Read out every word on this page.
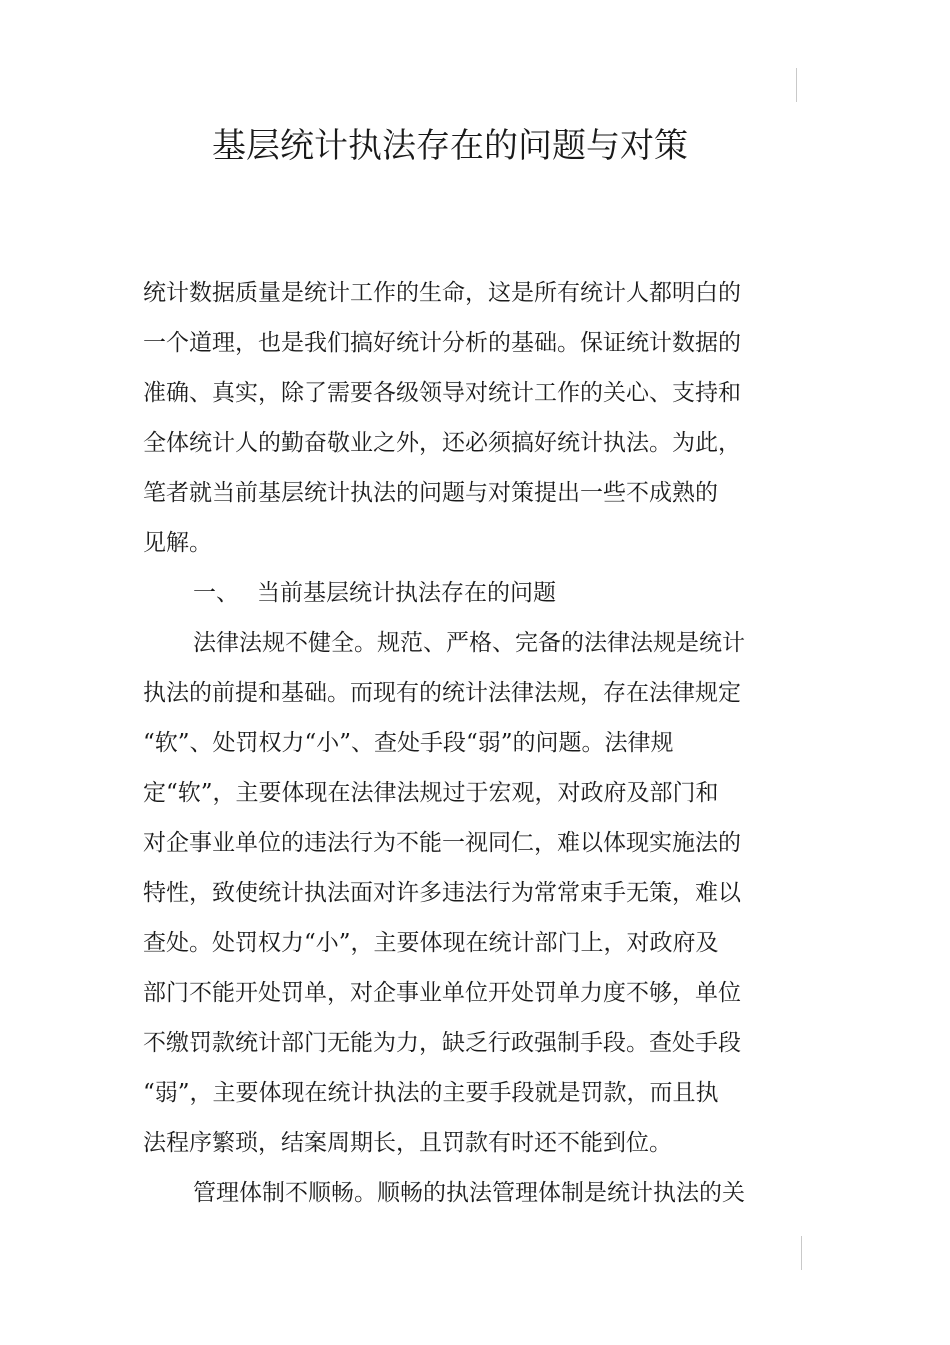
基层统计执法存在的问题与对策
统计数据质量是统计工作的生命，这是所有统计人都明白的
一个道理，也是我们搞好统计分析的基础。保证统计数据的
准确、真实，除了需要各级领导对统计工作的关心、支持和
全体统计人的勤奋敬业之外，还必须搞好统计执法。为此，
笔者就当前基层统计执法的问题与对策提出一些不成熟的
见解。
一、 当前基层统计执法存在的问题
法律法规不健全。规范、严格、完备的法律法规是统计
执法的前提和基础。而现有的统计法律法规，存在法律规定
“软”、处罚权力“小”、查处手段“弱”的问题。法律规
定“软”，主要体现在法律法规过于宏观，对政府及部门和
对企事业单位的违法行为不能一视同仁，难以体现实施法的
特性，致使统计执法面对许多违法行为常常束手无策，难以
查处。处罚权力“小”，主要体现在统计部门上，对政府及
部门不能开处罚单，对企事业单位开处罚单力度不够，单位
不缴罚款统计部门无能为力，缺乏行政强制手段。查处手段
“弱”，主要体现在统计执法的主要手段就是罚款，而且执
法程序繁琐，结案周期长，且罚款有时还不能到位。
管理体制不顺畅。顺畅的执法管理体制是统计执法的关
